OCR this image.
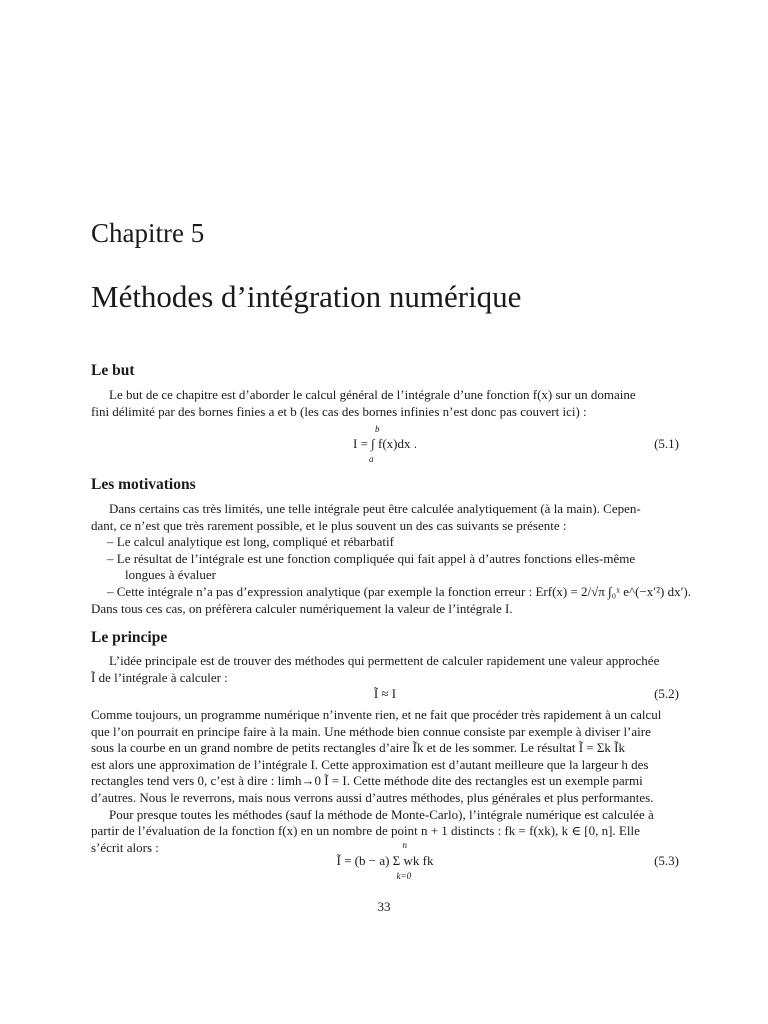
Chapitre 5
Méthodes d’intégration numérique
Le but
Le but de ce chapitre est d’aborder le calcul général de l’intégrale d’une fonction f(x) sur un domaine
fini délimité par des bornes finies a et b (les cas des bornes infinies n’est donc pas couvert ici) :
I = ∫ f(x)dx .
b
a
(5.1)
Les motivations
Dans certains cas très limités, une telle intégrale peut être calculée analytiquement (à la main). Cepen-
dant, ce n’est que très rarement possible, et le plus souvent un des cas suivants se présente :
– Le calcul analytique est long, compliqué et rébarbatif
– Le résultat de l’intégrale est une fonction compliquée qui fait appel à d’autres fonctions elles-même
longues à évaluer
– Cette intégrale n’a pas d’expression analytique (par exemple la fonction erreur : Erf(x) = 2/√π ∫₀ˣ e^(−x′²) dx′).
Dans tous ces cas, on préfèrera calculer numériquement la valeur de l’intégrale I.
Le principe
L’idée principale est de trouver des méthodes qui permettent de calculer rapidement une valeur approchée
Ĩ de l’intégrale à calculer :
Ĩ ≈ I	(5.2)
Comme toujours, un programme numérique n’invente rien, et ne fait que procéder très rapidement à un calcul
que l’on pourrait en principe faire à la main. Une méthode bien connue consiste par exemple à diviser l’aire
sous la courbe en un grand nombre de petits rectangles d’aire Ĩk et de les sommer. Le résultat Ĩ = Σk Ĩk
est alors une approximation de l’intégrale I. Cette approximation est d’autant meilleure que la largeur h des
rectangles tend vers 0, c’est à dire : limh→0 Ĩ = I. Cette méthode dite des rectangles est un exemple parmi
d’autres. Nous le reverrons, mais nous verrons aussi d’autres méthodes, plus générales et plus performantes.
Pour presque toutes les méthodes (sauf la méthode de Monte-Carlo), l’intégrale numérique est calculée à
partir de l’évaluation de la fonction f(x) en un nombre de point n + 1 distincts : fk = f(xk), k ∈ [0, n]. Elle
s’écrit alors :
Ĩ = (b − a) Σ wk fk
n
k=0
(5.3)
33
